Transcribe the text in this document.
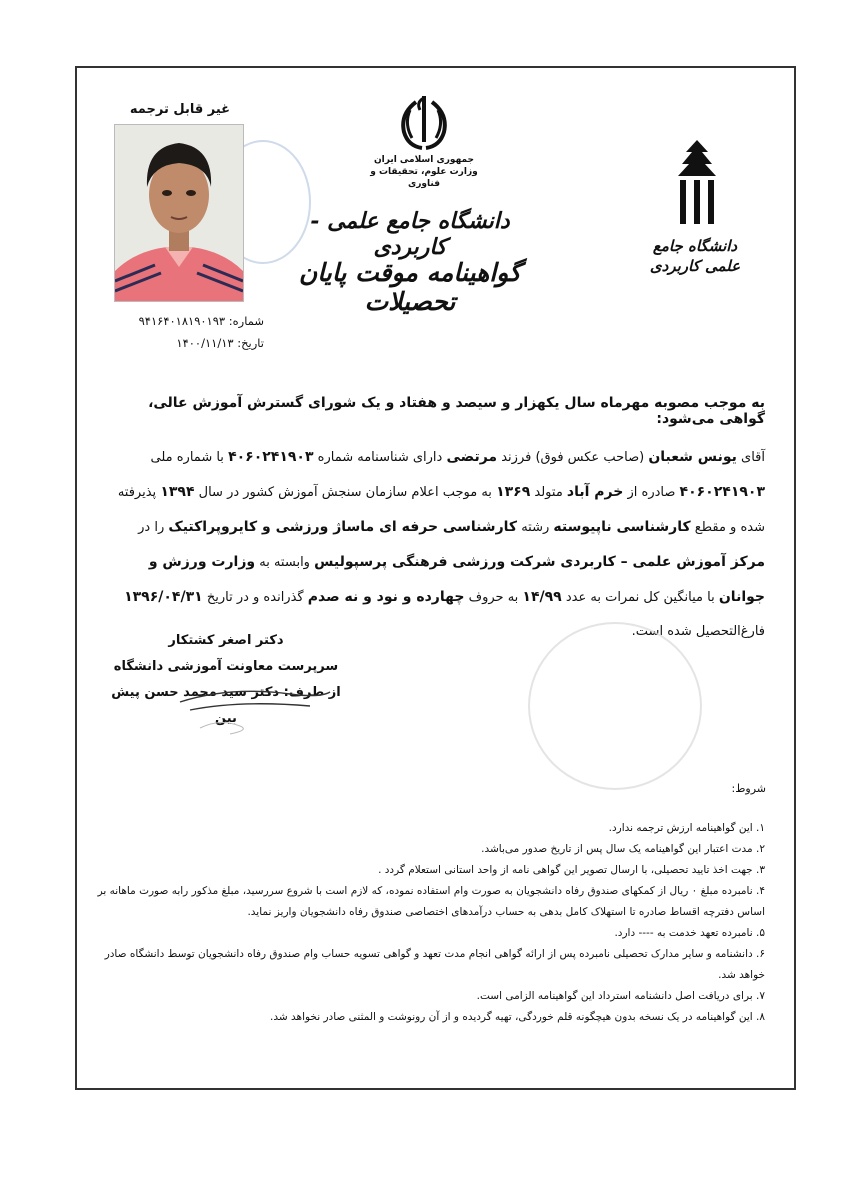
غیر قابل ترجمه
شماره: ۹۴۱۶۴۰۱۸۱۹۰۱۹۳
تاریخ: ۱۴۰۰/۱۱/۱۳
جمهوری اسلامی ایران
وزارت علوم، تحقیقات و فناوری
دانشگاه جامع علمی - کاربردی
گواهینامه موقت پایان تحصیلات
دانشگاه جامع
علمی کاربردی
به موجب مصوبه مهرماه سال یکهزار و سیصد و هفتاد و یک شورای گسترش آموزش عالی، گواهی می‌شود:
آقای یونس شعبان (صاحب عکس فوق) فرزند مرتضی دارای شناسنامه شماره ۴۰۶۰۲۴۱۹۰۳ با شماره ملی ۴۰۶۰۲۴۱۹۰۳ صادره از خرم آباد متولد ۱۳۶۹ به موجب اعلام سازمان سنجش آموزش کشور در سال ۱۳۹۴ پذیرفته شده و مقطع کارشناسی ناپیوسته رشته کارشناسی حرفه ای ماساژ ورزشی و کایروپراکتیک را در مرکز آموزش علمی – کاربردی شرکت ورزشی فرهنگی پرسپولیس وابسته به وزارت ورزش و جوانان با میانگین کل نمرات به عدد ۱۴/۹۹ به حروف چهارده و نود و نه صدم گذرانده و در تاریخ ۱۳۹۶/۰۴/۳۱ فارغ‌التحصیل شده است.
دکتر اصغر کشتکار
سرپرست معاونت آموزشی دانشگاه
از طرف: دکتر سید محمد حسن پیش بین
شروط:
۱. این گواهینامه ارزش ترجمه ندارد.
۲. مدت اعتبار این گواهینامه یک سال پس از تاریخ صدور می‌باشد.
۳. جهت اخذ تایید تحصیلی، با ارسال تصویر این گواهی نامه از واحد استانی استعلام گردد .
۴. نامبرده مبلغ ۰ ریال از کمکهای صندوق رفاه دانشجویان به صورت وام استفاده نموده، که لازم است با شروع سررسید، مبلغ مذکور رابه صورت ماهانه بر اساس دفترچه اقساط صادره تا استهلاک کامل بدهی به حساب درآمدهای اختصاصی صندوق رفاه دانشجویان واریز نماید.
۵. نامبرده تعهد خدمت به ---- دارد.
۶. دانشنامه و سایر مدارک تحصیلی نامبرده پس از ارائه گواهی انجام مدت تعهد و گواهی تسویه حساب وام صندوق رفاه دانشجویان توسط دانشگاه صادر خواهد شد.
۷. برای دریافت اصل دانشنامه استرداد این گواهینامه الزامی است.
۸. این گواهینامه در یک نسخه بدون هیچگونه قلم خوردگی، تهیه گردیده و از آن رونوشت و المثنی صادر نخواهد شد.
